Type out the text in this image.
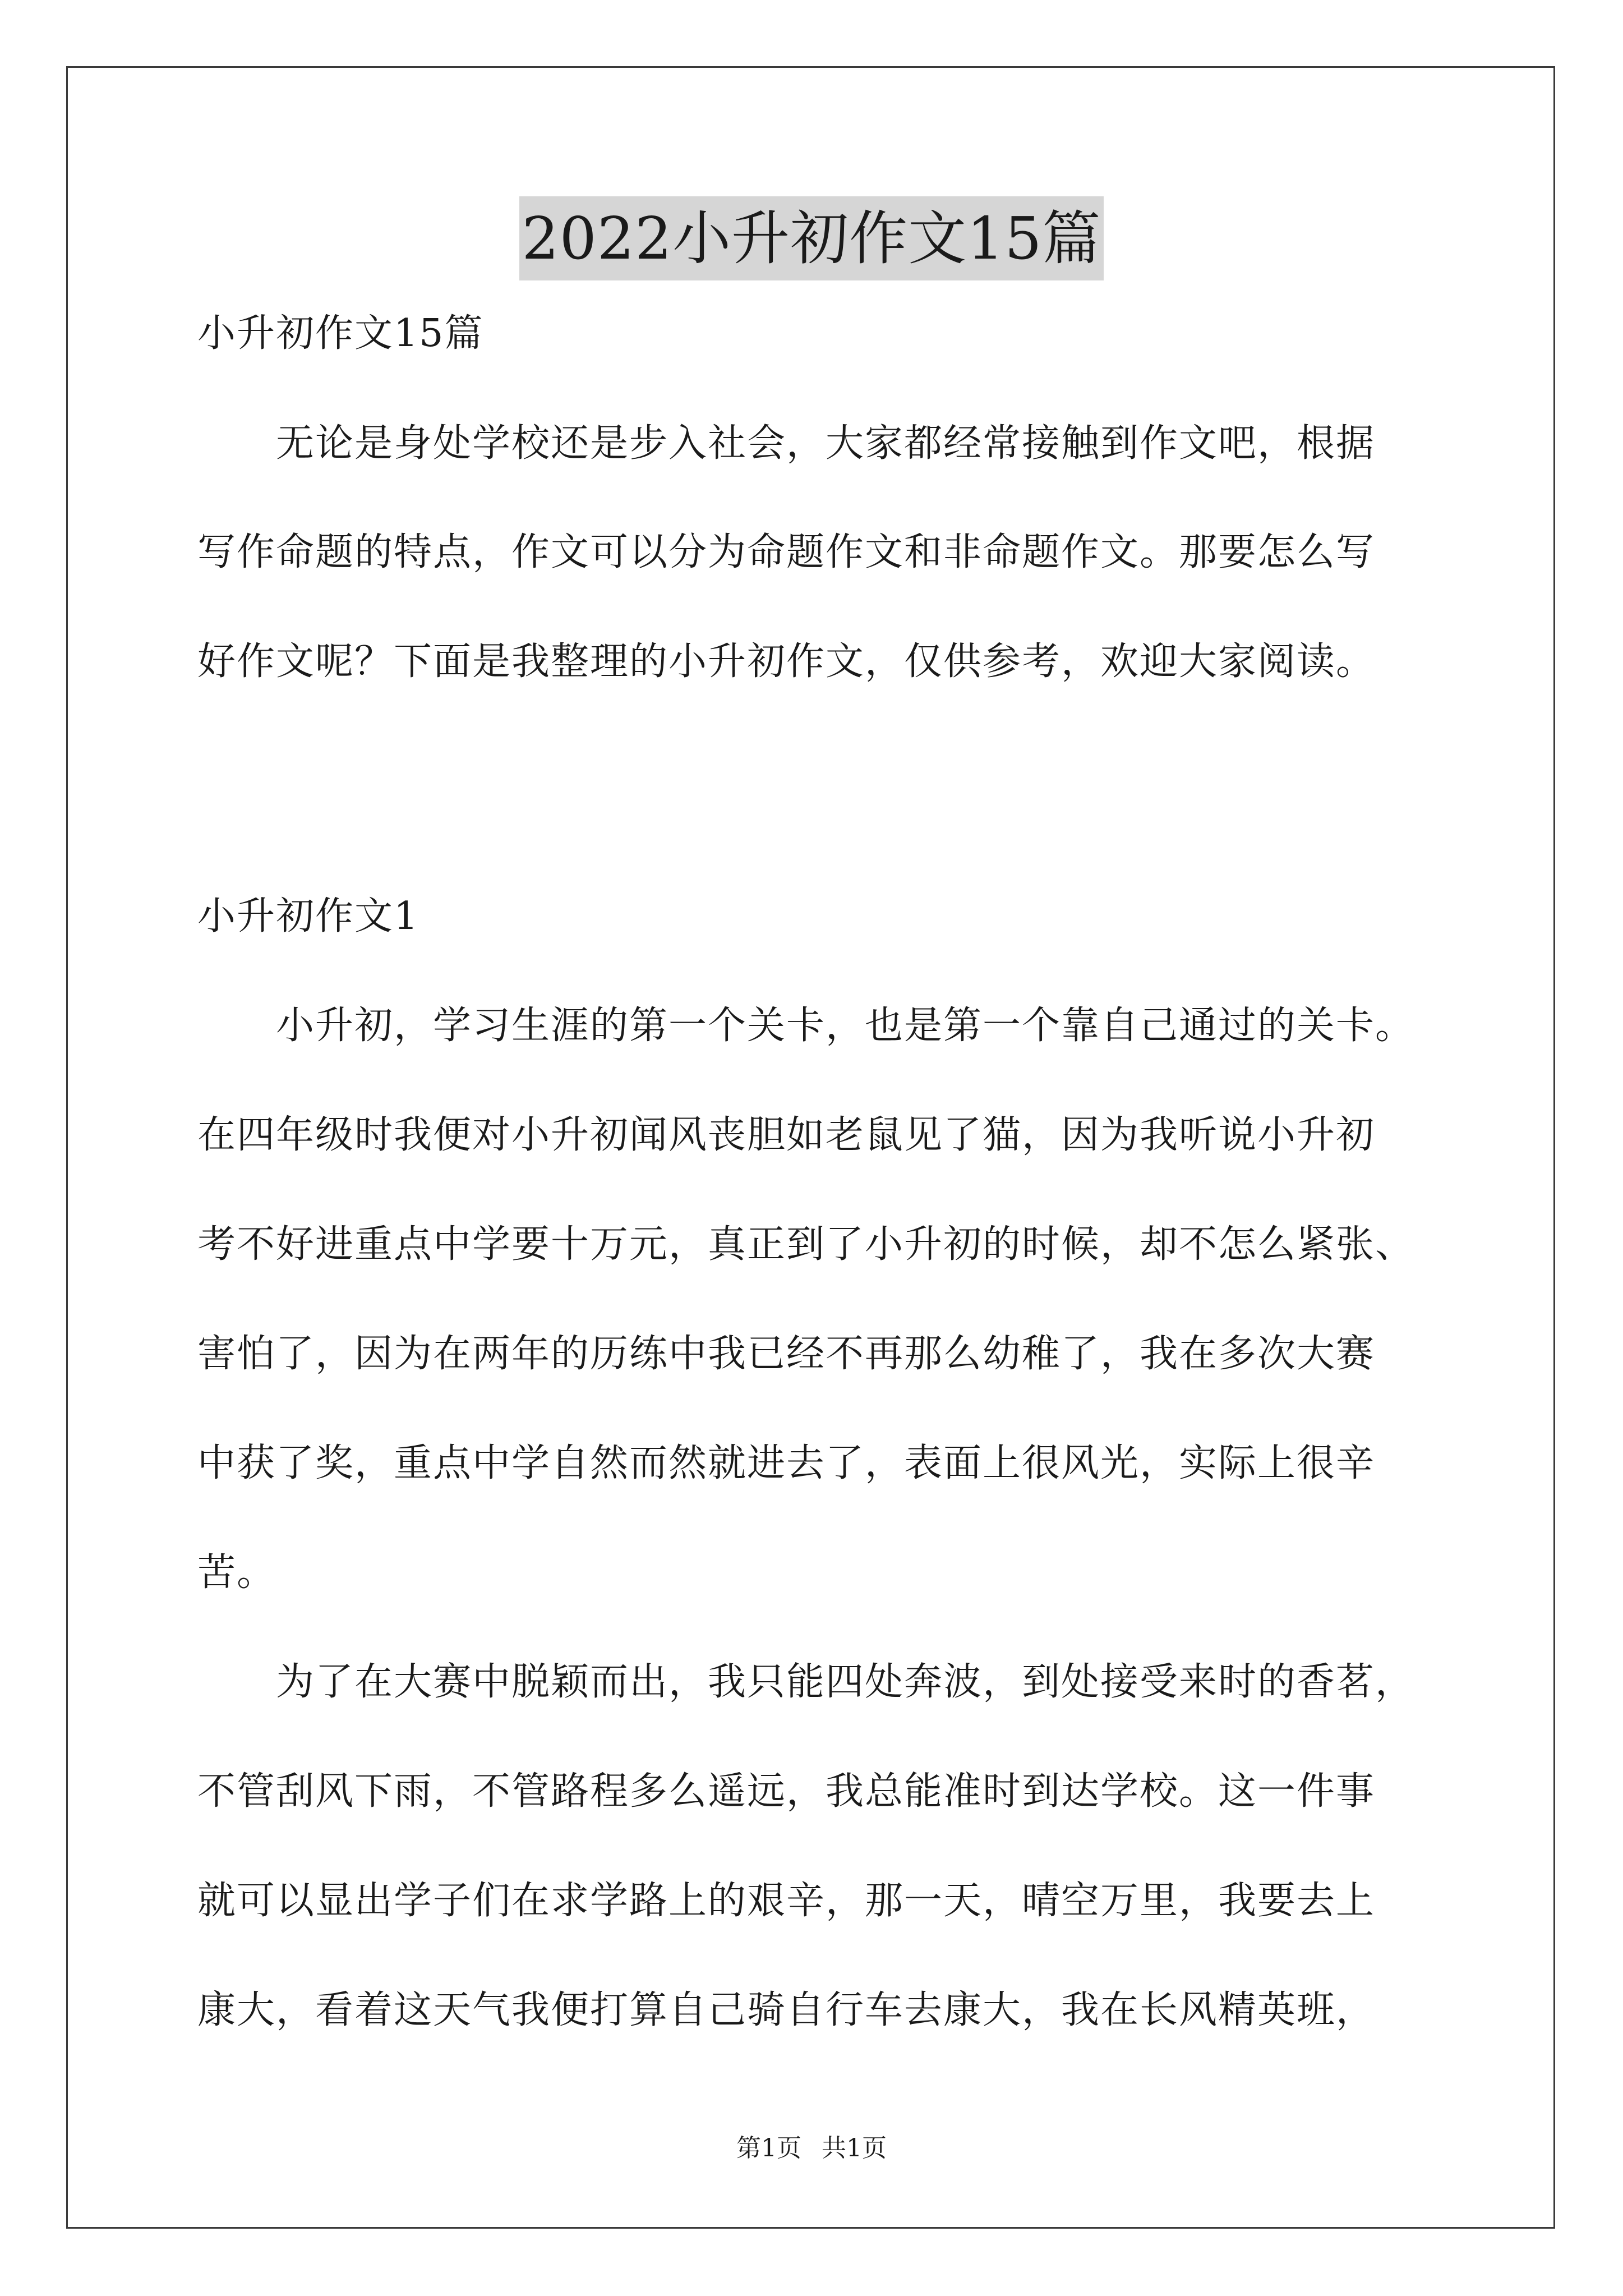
2022小升初作文15篇
小升初作文15篇
　　无论是身处学校还是步入社会，大家都经常接触到作文吧，根据
写作命题的特点，作文可以分为命题作文和非命题作文。那要怎么写
好作文呢？下面是我整理的小升初作文，仅供参考，欢迎大家阅读。
小升初作文1
　　小升初，学习生涯的第一个关卡，也是第一个靠自己通过的关卡。
在四年级时我便对小升初闻风丧胆如老鼠见了猫，因为我听说小升初
考不好进重点中学要十万元，真正到了小升初的时候，却不怎么紧张、
害怕了，因为在两年的历练中我已经不再那么幼稚了，我在多次大赛
中获了奖，重点中学自然而然就进去了，表面上很风光，实际上很辛
苦。
　　为了在大赛中脱颖而出，我只能四处奔波，到处接受来时的香茗，
不管刮风下雨，不管路程多么遥远，我总能准时到达学校。这一件事
就可以显出学子们在求学路上的艰辛，那一天，晴空万里，我要去上
康大，看着这天气我便打算自己骑自行车去康大，我在长风精英班，
第1页 共1页
